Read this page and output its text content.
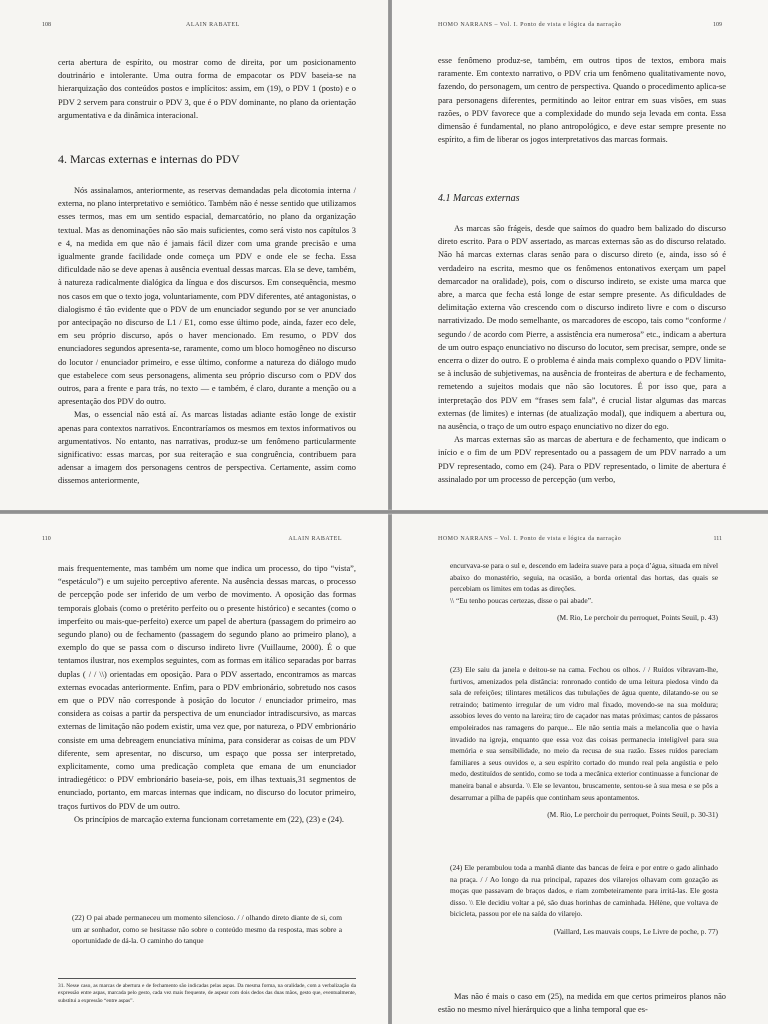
108	ALAIN RABATEL

certa abertura de espírito, ou mostrar como de direita, por um posicionamento doutrinário e intolerante. Uma outra forma de empacotar os PDV baseia-se na hierarquização dos conteúdos postos e implícitos: assim, em (19), o PDV 1 (posto) e o PDV 2 servem para construir o PDV 3, que é o PDV dominante, no plano da orientação argumentativa e da dinâmica interacional.

4. Marcas externas e internas do PDV

Nós assinalamos, anteriormente, as reservas demandadas pela dicotomia interna / externa, no plano interpretativo e semiótico. Também não é nesse sentido que utilizamos esses termos, mas em um sentido espacial, demarcatório, no plano da organização textual. Mas as denominações não são mais suficientes, como será visto nos capítulos 3 e 4, na medida em que não é jamais fácil dizer com uma grande precisão e uma igualmente grande facilidade onde começa um PDV e onde ele se fecha. Essa dificuldade não se deve apenas à ausência eventual dessas marcas. Ela se deve, também, à natureza radicalmente dialógica da língua e dos discursos. Em consequência, mesmo nos casos em que o texto joga, voluntariamente, com PDV diferentes, até antagonistas, o dialogismo é tão evidente que o PDV de um enunciador segundo por se ver anunciado por antecipação no discurso de L1 / E1, como esse último pode, ainda, fazer eco dele, em seu próprio discurso, após o haver mencionado. Em resumo, o PDV dos enunciadores segundos apresenta-se, raramente, como um bloco homogêneo no discurso do locutor / enunciador primeiro, e esse último, conforme a natureza do diálogo mudo que estabelece com seus personagens, alimenta seu próprio discurso com o PDV dos outros, para a frente e para trás, no texto — e também, é claro, durante a menção ou a apresentação dos PDV do outro.

Mas, o essencial não está aí. As marcas listadas adiante estão longe de existir apenas para contextos narrativos. Encontraríamos os mesmos em textos informativos ou argumentativos. No entanto, nas narrativas, produz-se um fenômeno particularmente significativo: essas marcas, por sua reiteração e sua congruência, contribuem para adensar a imagem dos personagens centros de perspectiva. Certamente, assim como dissemos anteriormente,

HOMO NARRANS – Vol. I. Ponto de vista e lógica da narração	109

esse fenômeno produz-se, também, em outros tipos de textos, embora mais raramente. Em contexto narrativo, o PDV cria um fenômeno qualitativamente novo, fazendo, do personagem, um centro de perspectiva. Quando o procedimento aplica-se para personagens diferentes, permitindo ao leitor entrar em suas visões, em suas razões, o PDV favorece que a complexidade do mundo seja levada em conta. Essa dimensão é fundamental, no plano antropológico, e deve estar sempre presente no espírito, a fim de liberar os jogos interpretativos das marcas formais.

4.1 Marcas externas

As marcas são frágeis, desde que saímos do quadro bem balizado do discurso direto escrito. Para o PDV assertado, as marcas externas são as do discurso relatado. Não há marcas externas claras senão para o discurso direto (e, ainda, isso só é verdadeiro na escrita, mesmo que os fenômenos entonativos exerçam um papel demarcador na oralidade), pois, com o discurso indireto, se existe uma marca que abre, a marca que fecha está longe de estar sempre presente. As dificuldades de delimitação externa vão crescendo com o discurso indireto livre e com o discurso narrativizado. De modo semelhante, os marcadores de escopo, tais como “conforme / segundo / de acordo com Pierre, a assistência era numerosa” etc., indicam a abertura de um outro espaço enunciativo no discurso do locutor, sem precisar, sempre, onde se encerra o dizer do outro. E o problema é ainda mais complexo quando o PDV limita-se à inclusão de subjetivemas, na ausência de fronteiras de abertura e de fechamento, remetendo a sujeitos modais que não são locutores. É por isso que, para a interpretação dos PDV em “frases sem fala”, é crucial listar algumas das marcas externas (de limites) e internas (de atualização modal), que indiquem a abertura ou, na ausência, o traço de um outro espaço enunciativo no dizer do ego.

As marcas externas são as marcas de abertura e de fechamento, que indicam o início e o fim de um PDV representado ou a passagem de um PDV narrado a um PDV representado, como em (24). Para o PDV representado, o limite de abertura é assinalado por um processo de percepção (um verbo,

110	ALAIN RABATEL

mais frequentemente, mas também um nome que indica um processo, do tipo “vista”, “espetáculo”) e um sujeito perceptivo aferente. Na ausência dessas marcas, o processo de percepção pode ser inferido de um verbo de movimento. A oposição das formas temporais globais (como o pretérito perfeito ou o presente histórico) e secantes (como o imperfeito ou mais-que-perfeito) exerce um papel de abertura (passagem do primeiro ao segundo plano) ou de fechamento (passagem do segundo plano ao primeiro plano), a exemplo do que se passa com o discurso indireto livre (Vuillaume, 2000). É o que tentamos ilustrar, nos exemplos seguintes, com as formas em itálico separadas por barras duplas ( / / \\) orientadas em oposição. Para o PDV assertado, encontramos as marcas externas evocadas anteriormente. Enfim, para o PDV embrionário, sobretudo nos casos em que o PDV não corresponde à posição do locutor / enunciador primeiro, mas considera as coisas a partir da perspectiva de um enunciador intradiscursivo, as marcas externas de limitação não podem existir, uma vez que, por natureza, o PDV embrionário consiste em uma debreagem enunciativa mínima, para considerar as coisas de um PDV diferente, sem apresentar, no discurso, um espaço que possa ser interpretado, explicitamente, como uma predicação completa que emana de um enunciador intradiegético: o PDV embrionário baseia-se, pois, em ilhas textuais,31 segmentos de enunciado, portanto, em marcas internas que indicam, no discurso do locutor primeiro, traços furtivos do PDV de um outro.

Os princípios de marcação externa funcionam corretamente em (22), (23) e (24).

(22) O pai abade permaneceu um momento silencioso. / / olhando direto diante de si, com um ar sonhador, como se hesitasse não sobre o conteúdo mesmo da resposta, mas sobre a oportunidade de dá-la. O caminho do tanque

31. Nesse caso, as marcas de abertura e de fechamento são indicadas pelas aspas. Da mesma forma, na oralidade, com a verbalização da expressão entre aspas, marcada pelo gesto, cada vez mais frequente, de aspear com dois dedos das duas mãos, gesto que, eventualmente, substitui a expressão “entre aspas”.
HOMO NARRANS – Vol. I. Ponto de vista e lógica da narração	111

encurvava-se para o sul e, descendo em ladeira suave para a poça d’água, situada em nível abaixo do monastério, seguia, na ocasião, a borda oriental das hortas, das quais se percebiam os limites em todas as direções.

\\ “Eu tenho poucas certezas, disse o pai abade”.

(M. Rio, Le perchoir du perroquet, Points Seuil, p. 43)

(23) Ele saiu da janela e deitou-se na cama. Fechou os olhos. / / Ruídos vibravam-lhe, furtivos, amenizados pela distância: ronronado contido de uma leitura piedosa vindo da sala de refeições; tilintares metálicos das tubulações de água quente, dilatando-se ou se retraindo; batimento irregular de um vidro mal fixado, movendo-se na sua moldura; assobios leves do vento na lareira; tiro de caçador nas matas próximas; cantos de pássaros empoleirados nas ramagens do parque... Ele não sentia mais a melancolia que o havia invadido na igreja, enquanto que essa voz das coisas permanecia inteligível para sua memória e sua sensibilidade, no meio da recusa de sua razão. Esses ruídos pareciam familiares a seus ouvidos e, a seu espírito cortado do mundo real pela angústia e pelo medo, destituídos de sentido, como se toda a mecânica exterior continuasse a funcionar de maneira banal e absurda. \\ Ele se levantou, bruscamente, sentou-se à sua mesa e se pôs a desarrumar a pilha de papéis que continham seus apontamentos.

(M. Rio, Le perchoir du perroquet, Points Seuil, p. 30-31)

(24) Ele perambulou toda a manhã diante das bancas de feira e por entre o gado alinhado na praça. / / Ao longo da rua principal, rapazes dos vilarejos olhavam com gozação as moças que passavam de braços dados, e riam zombeteiramente para irritá-las. Ele gosta disso. \\ Ele decidiu voltar a pé, são duas horinhas de caminhada. Hélène, que voltava de bicicleta, passou por ele na saída do vilarejo.

(Vaillard, Les mauvais coups, Le Livre de poche, p. 77)

Mas não é mais o caso em (25), na medida em que certos primeiros planos não estão no mesmo nível hierárquico que a linha temporal que es-
